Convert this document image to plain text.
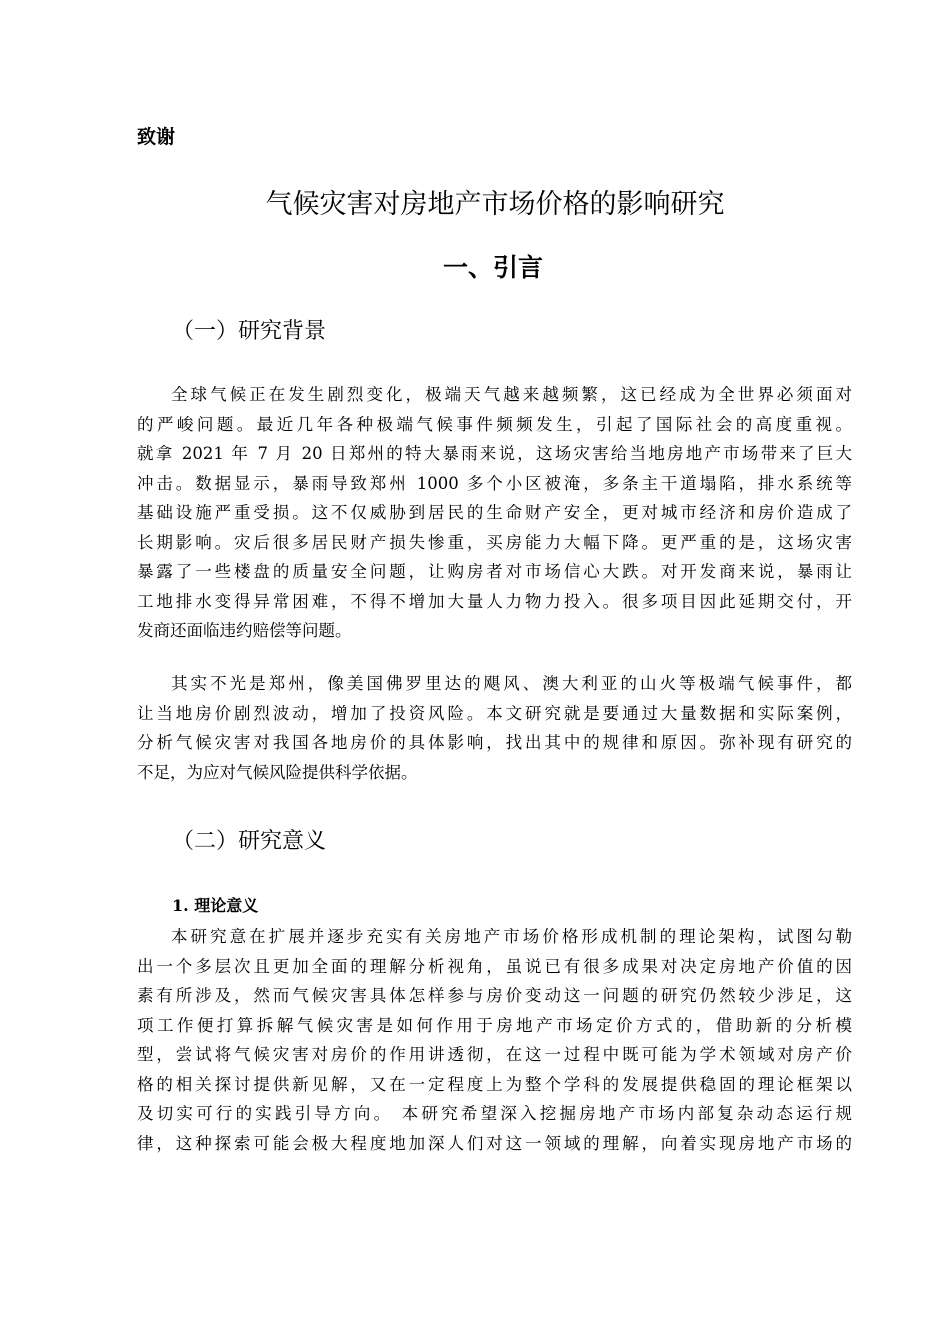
致谢
气候灾害对房地产市场价格的影响研究
一、引言
（一）研究背景
全球气候正在发生剧烈变化，极端天气越来越频繁，这已经成为全世界必须面对
的严峻问题。最近几年各种极端气候事件频频发生，引起了国际社会的高度重视。
就拿 2021 年 7 月 20 日郑州的特大暴雨来说，这场灾害给当地房地产市场带来了巨大
冲击。数据显示，暴雨导致郑州 1000 多个小区被淹，多条主干道塌陷，排水系统等
基础设施严重受损。这不仅威胁到居民的生命财产安全，更对城市经济和房价造成了
长期影响。灾后很多居民财产损失惨重，买房能力大幅下降。更严重的是，这场灾害
暴露了一些楼盘的质量安全问题，让购房者对市场信心大跌。对开发商来说，暴雨让
工地排水变得异常困难，不得不增加大量人力物力投入。很多项目因此延期交付，开
发商还面临违约赔偿等问题。
其实不光是郑州，像美国佛罗里达的飓风、澳大利亚的山火等极端气候事件，都
让当地房价剧烈波动，增加了投资风险。本文研究就是要通过大量数据和实际案例，
分析气候灾害对我国各地房价的具体影响，找出其中的规律和原因。弥补现有研究的
不足，为应对气候风险提供科学依据。
（二）研究意义
1. 理论意义
本研究意在扩展并逐步充实有关房地产市场价格形成机制的理论架构，试图勾勒
出一个多层次且更加全面的理解分析视角，虽说已有很多成果对决定房地产价值的因
素有所涉及，然而气候灾害具体怎样参与房价变动这一问题的研究仍然较少涉足，这
项工作便打算拆解气候灾害是如何作用于房地产市场定价方式的，借助新的分析模
型，尝试将气候灾害对房价的作用讲透彻，在这一过程中既可能为学术领域对房产价
格的相关探讨提供新见解，又在一定程度上为整个学科的发展提供稳固的理论框架以
及切实可行的实践引导方向。 本研究希望深入挖掘房地产市场内部复杂动态运行规
律，这种探索可能会极大程度地加深人们对这一领域的理解，向着实现房地产市场的
